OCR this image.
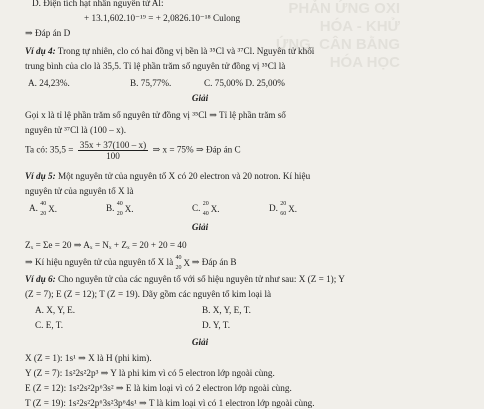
PHẢN ỨNG OXI HÓA - KHỬ
ỨNG. CÂN BẰNG HÓA HỌC
D. Điện tích hạt nhân nguyên tử Al:
+ 13.1,602.10⁻¹⁹ = + 2,0826.10⁻¹⁸ Culong
⇒ Đáp án D
Ví dụ 4: Trong tự nhiên, clo có hai đồng vị bền là ³⁵Cl và ³⁷Cl. Nguyên tử khối
trung bình của clo là 35,5. Tỉ lệ phần trăm số nguyên tử đồng vị ³⁵Cl là
A. 24,23%.	B. 75,77%.	C. 75,00% D. 25,00%
Giải
Gọi x là tỉ lệ phần trăm số nguyên tử đồng vị ³⁵Cl ⇒ Tỉ lệ phần trăm số
nguyên tử ³⁷Cl là (100 – x).
Ta có: $35,5 = \frac{35x + 37(100 - x)}{100}$ ⇒ x = 75% ⇒ Đáp án C
Ví dụ 5: Một nguyên tử của nguyên tố X có 20 electron và 20 notron. Kí hiệu
nguyên tử của nguyên tố X là
A. 40
20 X.	B. 40
20 X.	C. 20
40 X.	D. 20
60 X.
Giải
Zₓ = Σe = 20 ⇒ Aₓ = Nₓ + Zₓ = 20 + 20 = 40
⇒ Kí hiệu nguyên tử của nguyên tố X là 40
20 X ⇒ Đáp án B
Ví dụ 6: Cho nguyên tử của các nguyên tố với số hiệu nguyên tử như sau: X (Z = 1); Y
(Z = 7); E (Z = 12); T (Z = 19). Dãy gồm các nguyên tố kim loại là
A. X, Y, E.	B. X, Y, E, T.
C. E, T.	D. Y, T.
Giải
X (Z = 1): 1s¹ ⇒ X là H (phi kim).
Y (Z = 7): 1s²2s²2p³ ⇒ Y là phi kim vì có 5 electron lớp ngoài cùng.
E (Z = 12): 1s²2s²2p⁶3s² ⇒ E là kim loại vì có 2 electron lớp ngoài cùng.
T (Z = 19): 1s²2s²2p⁶3s²3p⁶4s¹ ⇒ T là kim loại vì có 1 electron lớp ngoài cùng.
